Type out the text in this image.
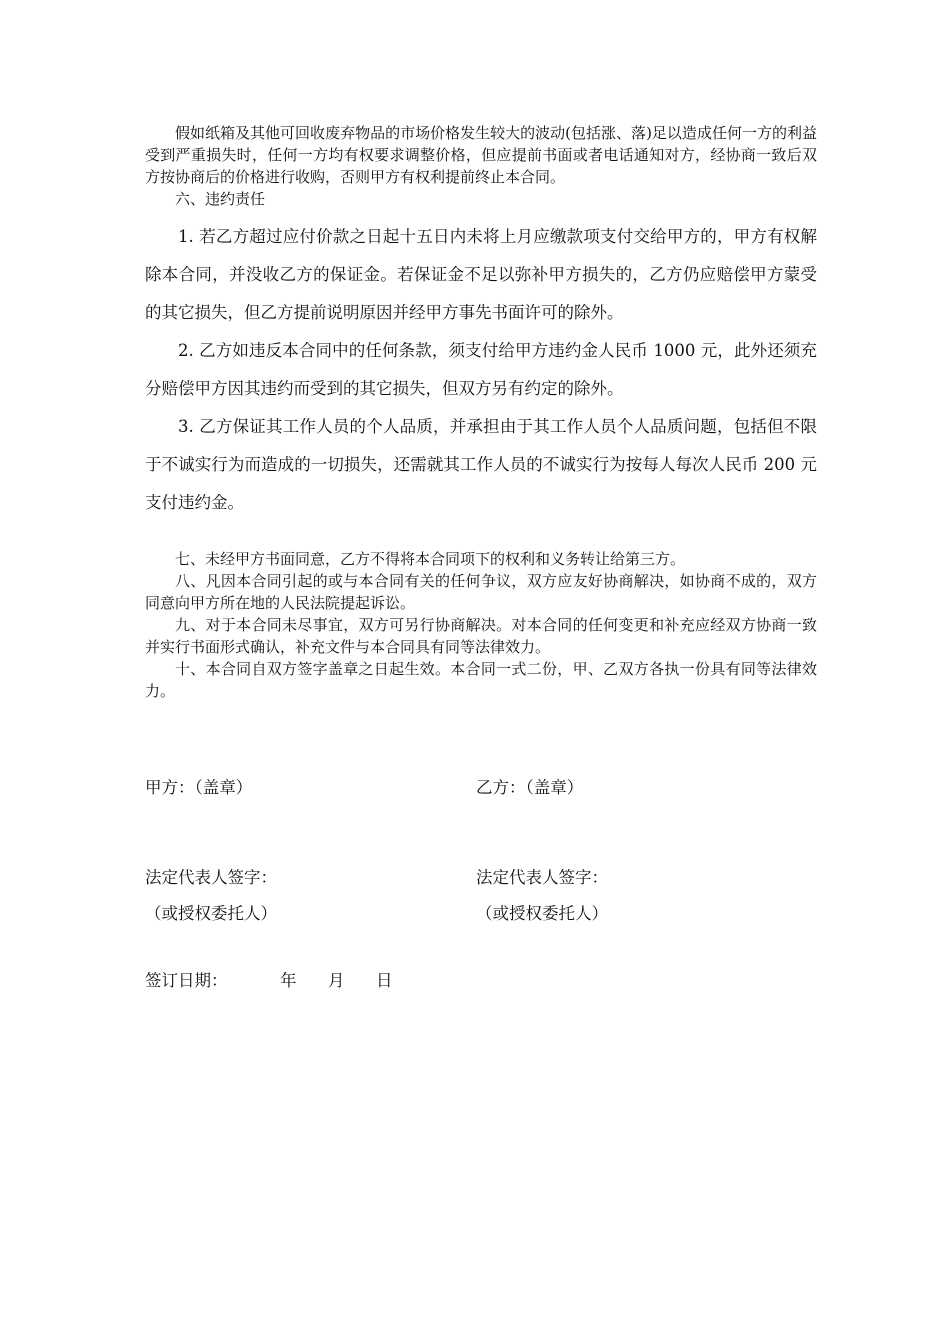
假如纸箱及其他可回收废弃物品的市场价格发生较大的波动(包括涨、落)足以造成任何一方的利益受到严重损失时，任何一方均有权要求调整价格，但应提前书面或者电话通知对方，经协商一致后双方按协商后的价格进行收购，否则甲方有权利提前终止本合同。

六、违约责任

1. 若乙方超过应付价款之日起十五日内未将上月应缴款项支付交给甲方的，甲方有权解除本合同，并没收乙方的保证金。若保证金不足以弥补甲方损失的，乙方仍应赔偿甲方蒙受的其它损失，但乙方提前说明原因并经甲方事先书面许可的除外。

2. 乙方如违反本合同中的任何条款，须支付给甲方违约金人民币 1000 元，此外还须充分赔偿甲方因其违约而受到的其它损失，但双方另有约定的除外。

3. 乙方保证其工作人员的个人品质，并承担由于其工作人员个人品质问题，包括但不限于不诚实行为而造成的一切损失，还需就其工作人员的不诚实行为按每人每次人民币 200 元支付违约金。

七、未经甲方书面同意，乙方不得将本合同项下的权利和义务转让给第三方。

八、凡因本合同引起的或与本合同有关的任何争议，双方应友好协商解决，如协商不成的，双方同意向甲方所在地的人民法院提起诉讼。

九、对于本合同未尽事宜，双方可另行协商解决。对本合同的任何变更和补充应经双方协商一致并实行书面形式确认，补充文件与本合同具有同等法律效力。

十、本合同自双方签字盖章之日起生效。本合同一式二份，甲、乙双方各执一份具有同等法律效力。

甲方：（盖章）	乙方：（盖章）

法定代表人签字：

（或授权委托人）

法定代表人签字：

（或授权委托人）

签订日期：	年 月 日
